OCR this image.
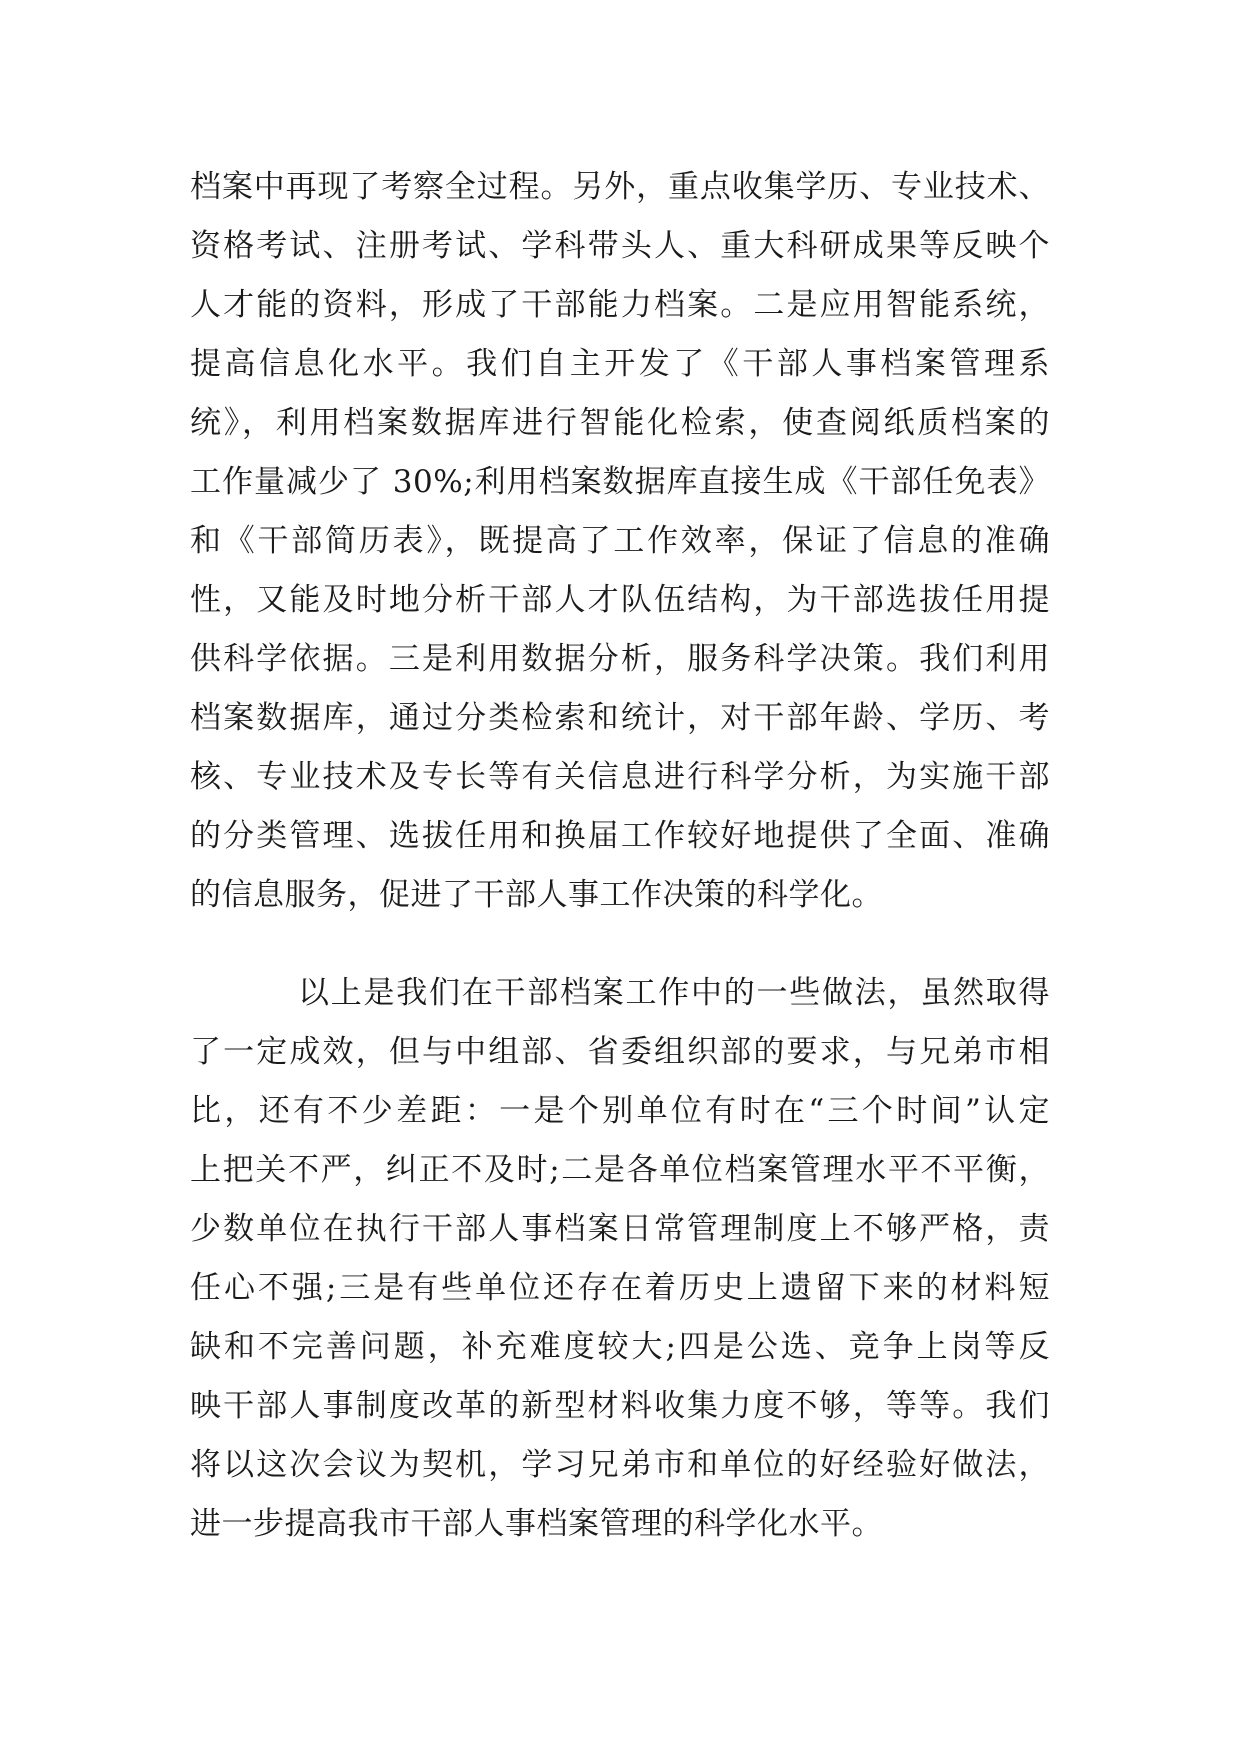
档案中再现了考察全过程。另外，重点收集学历、专业技术、
资格考试、注册考试、学科带头人、重大科研成果等反映个
人才能的资料，形成了干部能力档案。二是应用智能系统，
提高信息化水平。我们自主开发了《干部人事档案管理系
统》，利用档案数据库进行智能化检索，使查阅纸质档案的
工作量减少了 30%;利用档案数据库直接生成《干部任免表》
和《干部简历表》，既提高了工作效率，保证了信息的准确
性，又能及时地分析干部人才队伍结构，为干部选拔任用提
供科学依据。三是利用数据分析，服务科学决策。我们利用
档案数据库，通过分类检索和统计，对干部年龄、学历、考
核、专业技术及专长等有关信息进行科学分析，为实施干部
的分类管理、选拔任用和换届工作较好地提供了全面、准确
的信息服务，促进了干部人事工作决策的科学化。
以上是我们在干部档案工作中的一些做法，虽然取得
了一定成效，但与中组部、省委组织部的要求，与兄弟市相
比，还有不少差距：一是个别单位有时在“三个时间”认定
上把关不严，纠正不及时;二是各单位档案管理水平不平衡，
少数单位在执行干部人事档案日常管理制度上不够严格，责
任心不强;三是有些单位还存在着历史上遗留下来的材料短
缺和不完善问题，补充难度较大;四是公选、竞争上岗等反
映干部人事制度改革的新型材料收集力度不够，等等。我们
将以这次会议为契机，学习兄弟市和单位的好经验好做法，
进一步提高我市干部人事档案管理的科学化水平。
